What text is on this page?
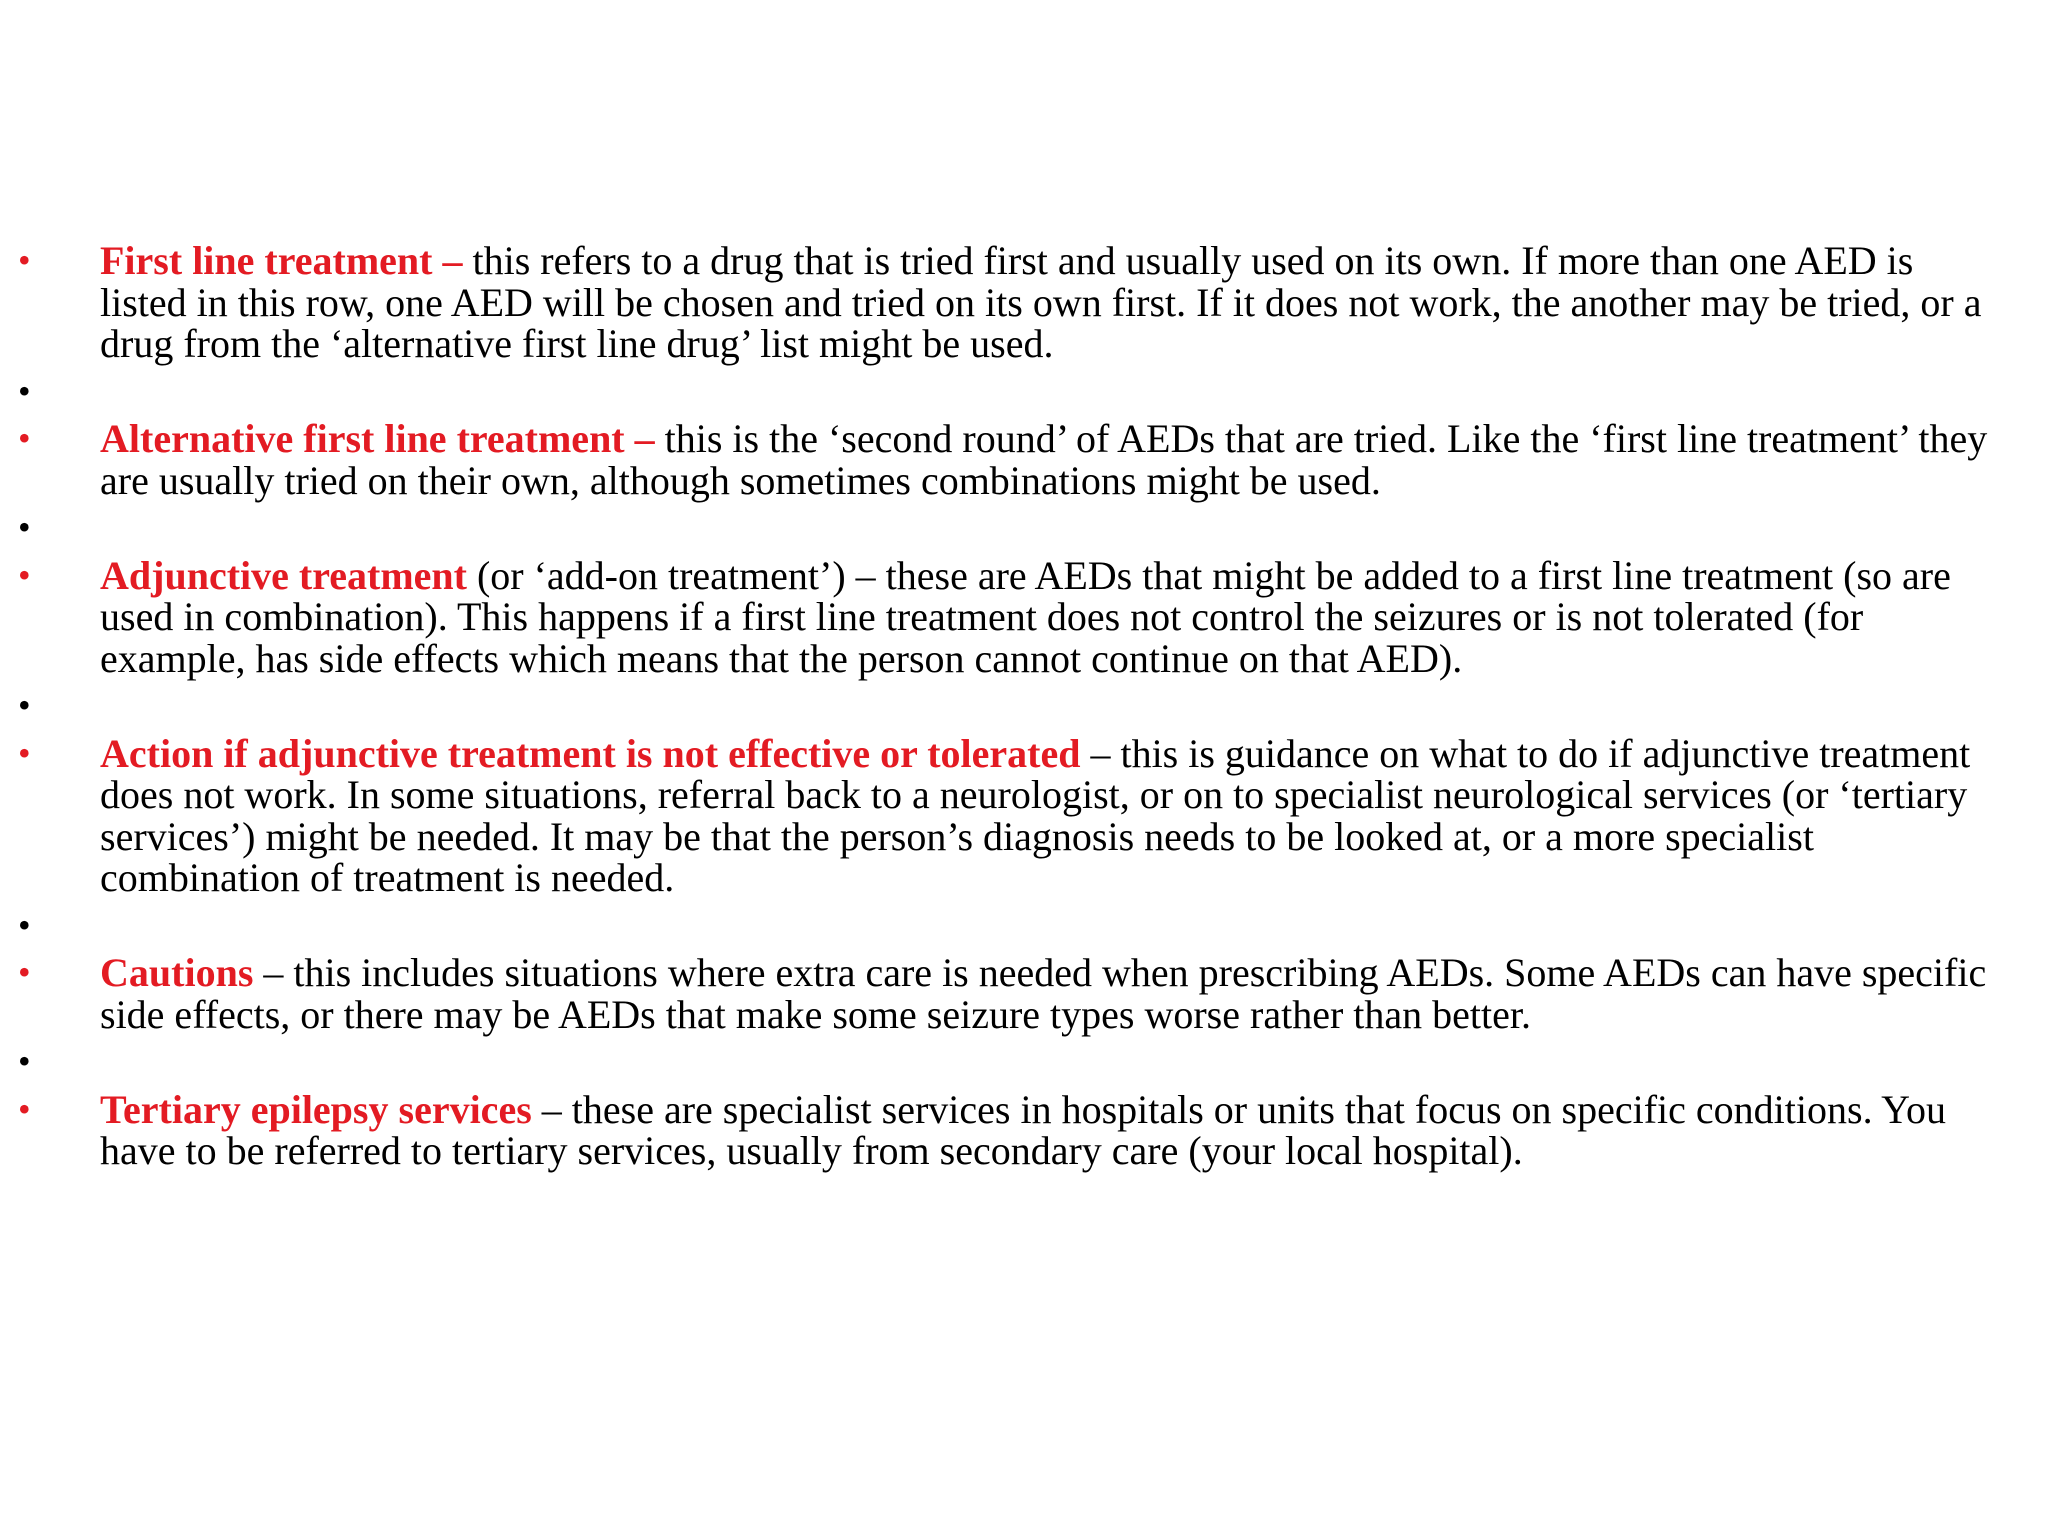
• First line treatment – this refers to a drug that is tried first and usually used on its own. If more than one AED is listed in this row, one AED will be chosen and tried on its own first. If it does not work, the another may be tried, or a drug from the ‘alternative first line drug’ list might be used.
•
• Alternative first line treatment – this is the ‘second round’ of AEDs that are tried. Like the ‘first line treatment’ they are usually tried on their own, although sometimes combinations might be used.
•
• Adjunctive treatment (or ‘add-on treatment’) – these are AEDs that might be added to a first line treatment (so are used in combination). This happens if a first line treatment does not control the seizures or is not tolerated (for example, has side effects which means that the person cannot continue on that AED).
•
• Action if adjunctive treatment is not effective or tolerated – this is guidance on what to do if adjunctive treatment does not work. In some situations, referral back to a neurologist, or on to specialist neurological services (or ‘tertiary services’) might be needed. It may be that the person’s diagnosis needs to be looked at, or a more specialist combination of treatment is needed.
•
• Cautions – this includes situations where extra care is needed when prescribing AEDs. Some AEDs can have specific side effects, or there may be AEDs that make some seizure types worse rather than better.
•
• Tertiary epilepsy services – these are specialist services in hospitals or units that focus on specific conditions. You have to be referred to tertiary services, usually from secondary care (your local hospital).
